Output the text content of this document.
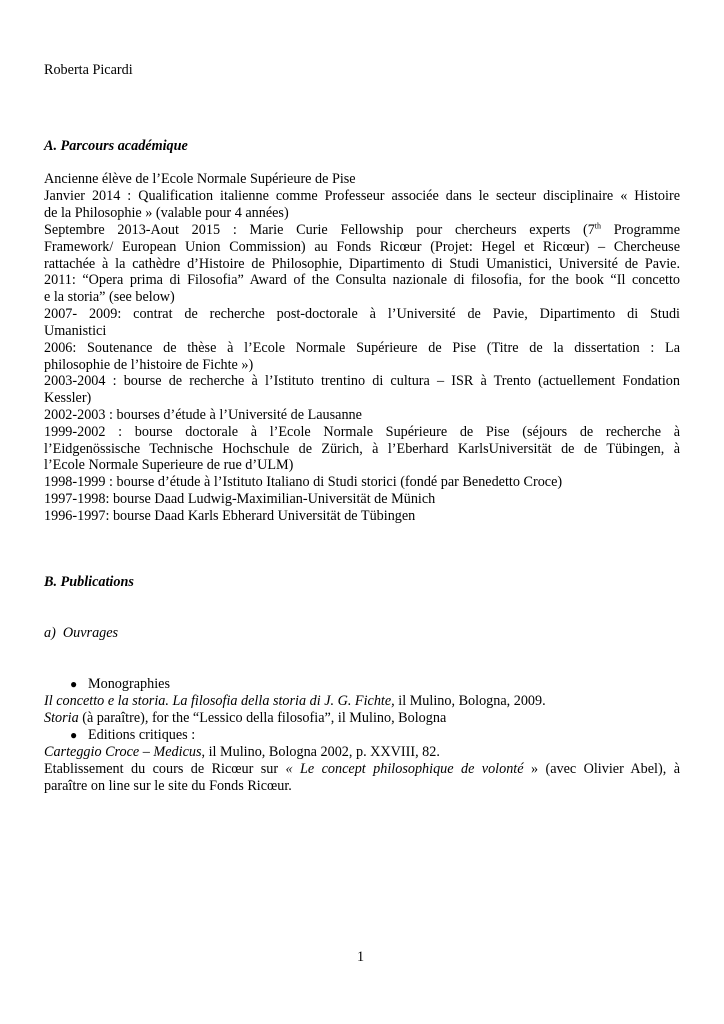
Roberta Picardi
A. Parcours académique
Ancienne élève de l’Ecole Normale Supérieure de Pise
Janvier 2014 : Qualification italienne comme Professeur associée dans le secteur disciplinaire « Histoire
de la Philosophie » (valable pour 4 années)
Septembre 2013-Aout 2015 : Marie Curie Fellowship pour chercheurs experts (7th Programme
Framework/ European Union Commission) au Fonds Ricœur (Projet: Hegel et Ricœur) – Chercheuse
rattachée à la cathèdre d’Histoire de Philosophie, Dipartimento di Studi Umanistici, Université de Pavie.
2011: “Opera prima di Filosofia” Award of the Consulta nazionale di filosofia, for the book “Il concetto
e la storia” (see below)
2007- 2009: contrat de recherche post-doctorale à l’Université de Pavie, Dipartimento di Studi
Umanistici
2006: Soutenance de thèse à l’Ecole Normale Supérieure de Pise (Titre de la dissertation : La
philosophie de l’histoire de Fichte »)
2003-2004 : bourse de recherche à l’Istituto trentino di cultura – ISR à Trento (actuellement Fondation
Kessler)
2002-2003 : bourses d’étude à l’Université de Lausanne
1999-2002 : bourse doctorale à l’Ecole Normale Supérieure de Pise (séjours de recherche à
l’Eidgenössische Technische Hochschule de Zürich, à l’Eberhard KarlsUniversität de de Tübingen, à
l’Ecole Normale Superieure de rue d’ULM)
1998-1999 : bourse d’étude à l’Istituto Italiano di Studi storici (fondé par Benedetto Croce)
1997-1998: bourse Daad Ludwig-Maximilian-Universität de Münich
1996-1997: bourse Daad Karls Ebherard Universität de Tübingen
B. Publications
a)  Ouvrages
● Monographies
Il concetto e la storia. La filosofia della storia di J. G. Fichte, il Mulino, Bologna, 2009.
Storia (à paraître), for the “Lessico della filosofia”, il Mulino, Bologna
● Editions critiques :
Carteggio Croce – Medicus, il Mulino, Bologna 2002, p. XXVIII, 82.
Etablissement du cours de Ricœur sur « Le concept philosophique de volonté » (avec Olivier Abel), à
paraître on line sur le site du Fonds Ricœur.
1
